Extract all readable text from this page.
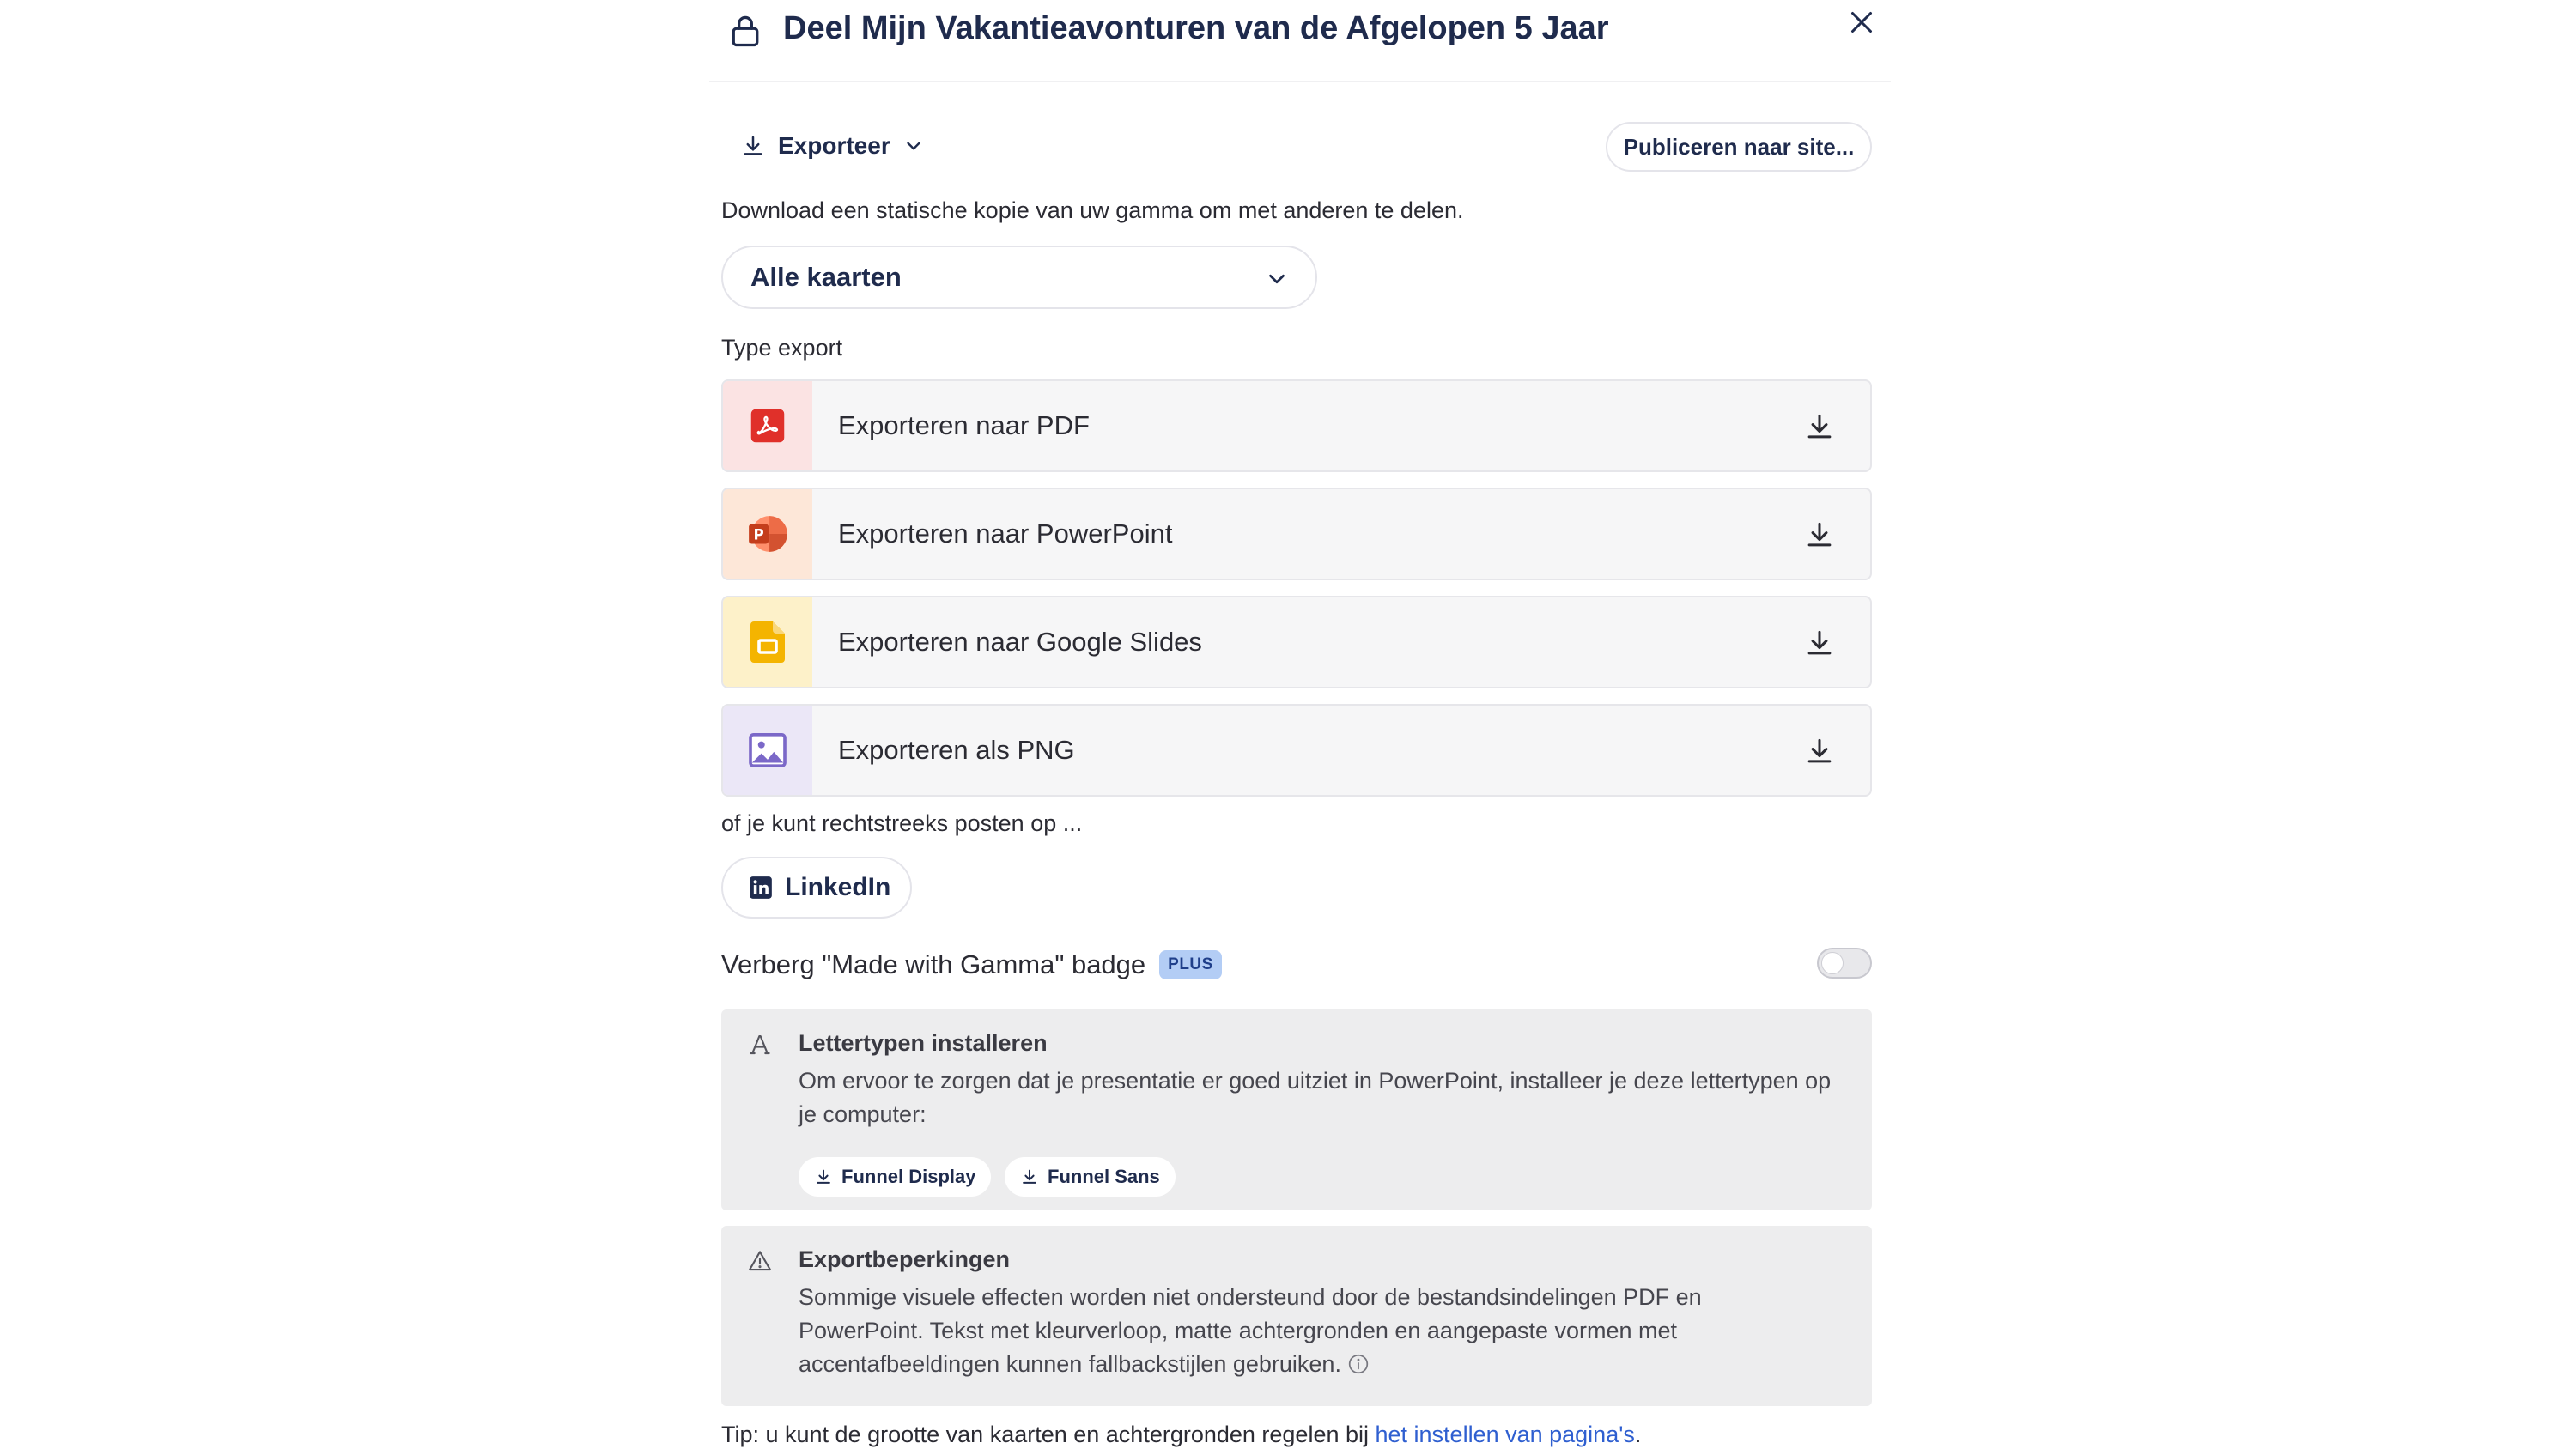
Deel Mijn Vakantieavonturen van de Afgelopen 5 Jaar
Exporteer	Publiceren naar site...
Download een statische kopie van uw gamma om met anderen te delen.
Alle kaarten
Type export
Exporteren naar PDF
P	Exporteren naar PowerPoint
Exporteren naar Google Slides
Exporteren als PNG
of je kunt rechtstreeks posten op ...
LinkedIn
Verberg "Made with Gamma" badge	PLUS
Lettertypen installeren
Om ervoor te zorgen dat je presentatie er goed uitziet in PowerPoint, installeer je deze lettertypen op je computer:
Funnel Display	Funnel Sans
Exportbeperkingen
Sommige visuele effecten worden niet ondersteund door de bestandsindelingen PDF en PowerPoint. Tekst met kleurverloop, matte achtergronden en aangepaste vormen met accentafbeeldingen kunnen fallbackstijlen gebruiken.
Tip: u kunt de grootte van kaarten en achtergronden regelen bij het instellen van pagina's.
